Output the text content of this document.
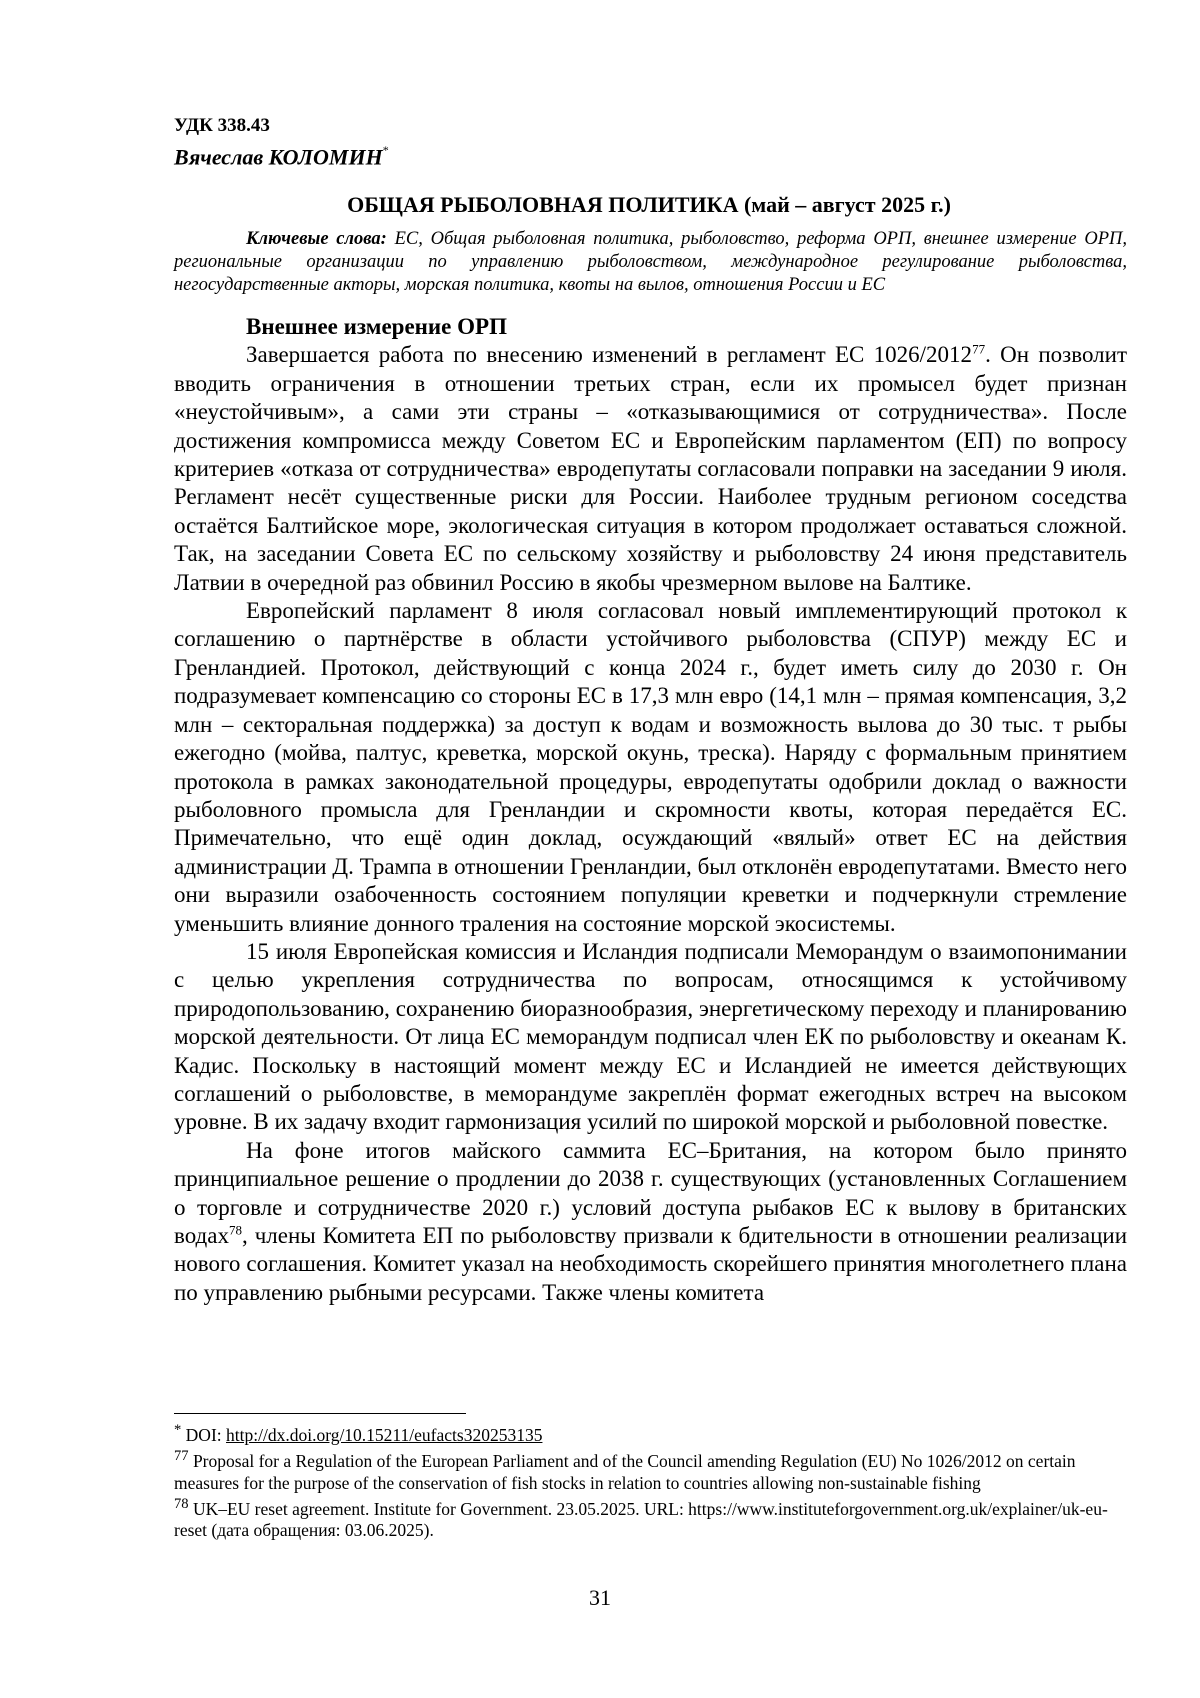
УДК 338.43
Вячеслав КОЛОМИН*
ОБЩАЯ РЫБОЛОВНАЯ ПОЛИТИКА (май – август 2025 г.)
Ключевые слова: ЕС, Общая рыболовная политика, рыболовство, реформа ОРП, внешнее измерение ОРП, региональные организации по управлению рыболовством, международное регулирование рыболовства, негосударственные акторы, морская политика, квоты на вылов, отношения России и ЕС
Внешнее измерение ОРП

Завершается работа по внесению изменений в регламент ЕС 1026/2012$^{77}$. Он позволит вводить ограничения в отношении третьих стран, если их промысел будет признан «неустойчивым», а сами эти страны – «отказывающимися от сотрудничества». После достижения компромисса между Советом ЕС и Европейским парламентом (ЕП) по вопросу критериев «отказа от сотрудничества» евродепутаты согласовали поправки на заседании 9 июля. Регламент несёт существенные риски для России. Наиболее трудным регионом соседства остаётся Балтийское море, экологическая ситуация в котором продолжает оставаться сложной. Так, на заседании Совета ЕС по сельскому хозяйству и рыболовству 24 июня представитель Латвии в очередной раз обвинил Россию в якобы чрезмерном вылове на Балтике.

Европейский парламент 8 июля согласовал новый имплементирующий протокол к соглашению о партнёрстве в области устойчивого рыболовства (СПУР) между ЕС и Гренландией. Протокол, действующий с конца 2024 г., будет иметь силу до 2030 г. Он подразумевает компенсацию со стороны ЕС в 17,3 млн евро (14,1 млн – прямая компенсация, 3,2 млн – секторальная поддержка) за доступ к водам и возможность вылова до 30 тыс. т рыбы ежегодно (мойва, палтус, креветка, морской окунь, треска). Наряду с формальным принятием протокола в рамках законодательной процедуры, евродепутаты одобрили доклад о важности рыболовного промысла для Гренландии и скромности квоты, которая передаётся ЕС. Примечательно, что ещё один доклад, осуждающий «вялый» ответ ЕС на действия администрации Д. Трампа в отношении Гренландии, был отклонён евродепутатами. Вместо него они выразили озабоченность состоянием популяции креветки и подчеркнули стремление уменьшить влияние донного траления на состояние морской экосистемы.

15 июля Европейская комиссия и Исландия подписали Меморандум о взаимопонимании с целью укрепления сотрудничества по вопросам, относящимся к устойчивому природопользованию, сохранению биоразнообразия, энергетическому переходу и планированию морской деятельности. От лица ЕС меморандум подписал член ЕК по рыболовству и океанам К. Кадис. Поскольку в настоящий момент между ЕС и Исландией не имеется действующих соглашений о рыболовстве, в меморандуме закреплён формат ежегодных встреч на высоком уровне. В их задачу входит гармонизация усилий по широкой морской и рыболовной повестке.

На фоне итогов майского саммита ЕС–Британия, на котором было принято принципиальное решение о продлении до 2038 г. существующих (установленных Соглашением о торговле и сотрудничестве 2020 г.) условий доступа рыбаков ЕС к вылову в британских водах$^{78}$, члены Комитета ЕП по рыболовству призвали к бдительности в отношении реализации нового соглашения. Комитет указал на необходимость скорейшего принятия многолетнего плана по управлению рыбными ресурсами. Также члены комитета

* DOI: http://dx.doi.org/10.15211/eufacts320253135
$^{77}$ Proposal for a Regulation of the European Parliament and of the Council amending Regulation (EU) No 1026/2012 on certain measures for the purpose of the conservation of fish stocks in relation to countries allowing non-sustainable fishing
$^{78}$ UK–EU reset agreement. Institute for Government. 23.05.2025. URL: https://www.instituteforgovernment.org.uk/explainer/uk-eu-reset (дата обращения: 03.06.2025).
31
